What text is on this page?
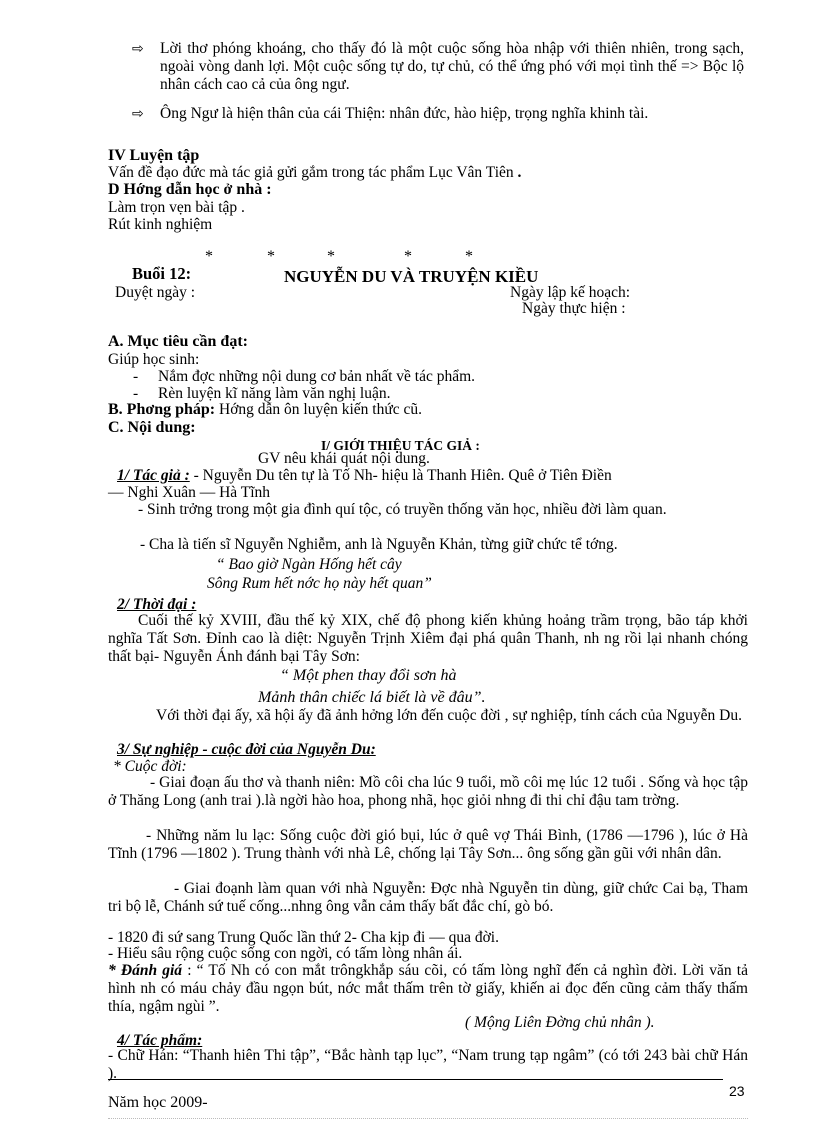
⇨	Lời thơ phóng khoáng, cho thấy đó là một cuộc sống hòa nhập với thiên nhiên, trong sạch, ngoài vòng danh lợi. Một cuộc sống tự do, tự chủ, có thể ứng phó với mọi tình thế => Bộc lộ nhân cách cao cả của ông ngư.
⇨	Ông Ngư là hiện thân của cái Thiện: nhân đức, hào hiệp, trọng nghĩa khinh tài.
IV Luyện tập
Vấn đề đạo đức mà tác giả gửi gắm trong tác phẩm Lục Vân Tiên .
D Hớng dẫn học ở nhà :
Làm trọn vẹn bài tập .
Rút kinh nghiệm
*	*	*	*	*
Buổi 12:	NGUYỄN DU VÀ TRUYỆN KIỀU
Duyệt ngày :	Ngày lập kế hoạch:
Ngày thực hiện :
A. Mục tiêu cần đạt:
Giúp học sinh:
- Nắm đợc những nội dung cơ bản nhất về tác phẩm.
- Rèn luyện kĩ năng làm văn nghị luận.
B. Phơng pháp: Hớng dẫn ôn luyện kiến thức cũ.
C. Nội dung:
I/ GIỚI THIỆU TÁC GIẢ :
GV nêu khái quát nội dung.
1/ Tác giả : - Nguyễn Du tên tự là Tố Nh- hiệu là Thanh Hiên. Quê ở Tiên Điền
— Nghi Xuân — Hà Tĩnh
- Sinh trởng trong một gia đình quí tộc, có truyền thống văn học, nhiều đời làm quan.
- Cha là tiến sĩ Nguyễn Nghiễm, anh là Nguyễn Khản, từng giữ chức tể tớng.
“ Bao giờ Ngàn Hống hết cây
Sông Rum hết nớc họ này hết quan”
2/ Thời đại :
Cuối thế kỷ XVIII, đầu thế kỷ XIX, chế độ phong kiến khủng hoảng trầm trọng, bão táp khởi nghĩa Tất Sơn. Đỉnh cao là diệt: Nguyễn Trịnh Xiêm đại phá quân Thanh, nh ng rồi lại nhanh chóng thất bại- Nguyễn Ánh đánh bại Tây Sơn:
“ Một phen thay đổi sơn hà
Mảnh thân chiếc lá biết là về đâu”.
Với thời đại ấy, xã hội ấy đã ảnh hởng lớn đến cuộc đời , sự nghiệp, tính cách của Nguyễn Du.
3/ Sự nghiệp - cuộc đời của Nguyễn Du:
* Cuộc đời:
- Giai đoạn ấu thơ và thanh niên: Mồ côi cha lúc 9 tuổi, mồ côi mẹ lúc 12 tuổi . Sống và học tập ở Thăng Long (anh trai ).là ngời hào hoa, phong nhã, học giỏi nhng đi thi chỉ đậu tam trờng.
- Những năm lu lạc: Sống cuộc đời gió bụi, lúc ở quê vợ Thái Bình, (1786 —1796 ), lúc ở Hà Tĩnh (1796 —1802 ). Trung thành với nhà Lê, chống lại Tây Sơn... ông sống gần gũi với nhân dân.
- Giai đoạnh làm quan với nhà Nguyễn: Đợc nhà Nguyễn tin dùng, giữ chức Cai bạ, Tham tri bộ lễ, Chánh sứ tuế cống...nhng ông vẫn cảm thấy bất đắc chí, gò bó.
- 1820 đi sứ sang Trung Quốc lần thứ 2- Cha kịp đi — qua đời.
- Hiểu sâu rộng cuộc sống con ngời, có tấm lòng nhân ái.
* Đánh giá : “ Tố Nh có con mắt trôngkhắp sáu cõi, có tấm lòng nghĩ đến cả nghìn đời. Lời văn tả hình nh có máu chảy đầu ngọn bút, nớc mắt thấm trên tờ giấy, khiến ai đọc đến cũng cảm thấy thấm thía, ngậm ngùi ”.
( Mộng Liên Đờng chủ nhân ).
4/ Tác phẩm:
- Chữ Hán: “Thanh hiên Thi tập”, “Bắc hành tạp lục”, “Nam trung tạp ngâm” (có tới 243 bài chữ Hán ).
23
Năm học 2009-
